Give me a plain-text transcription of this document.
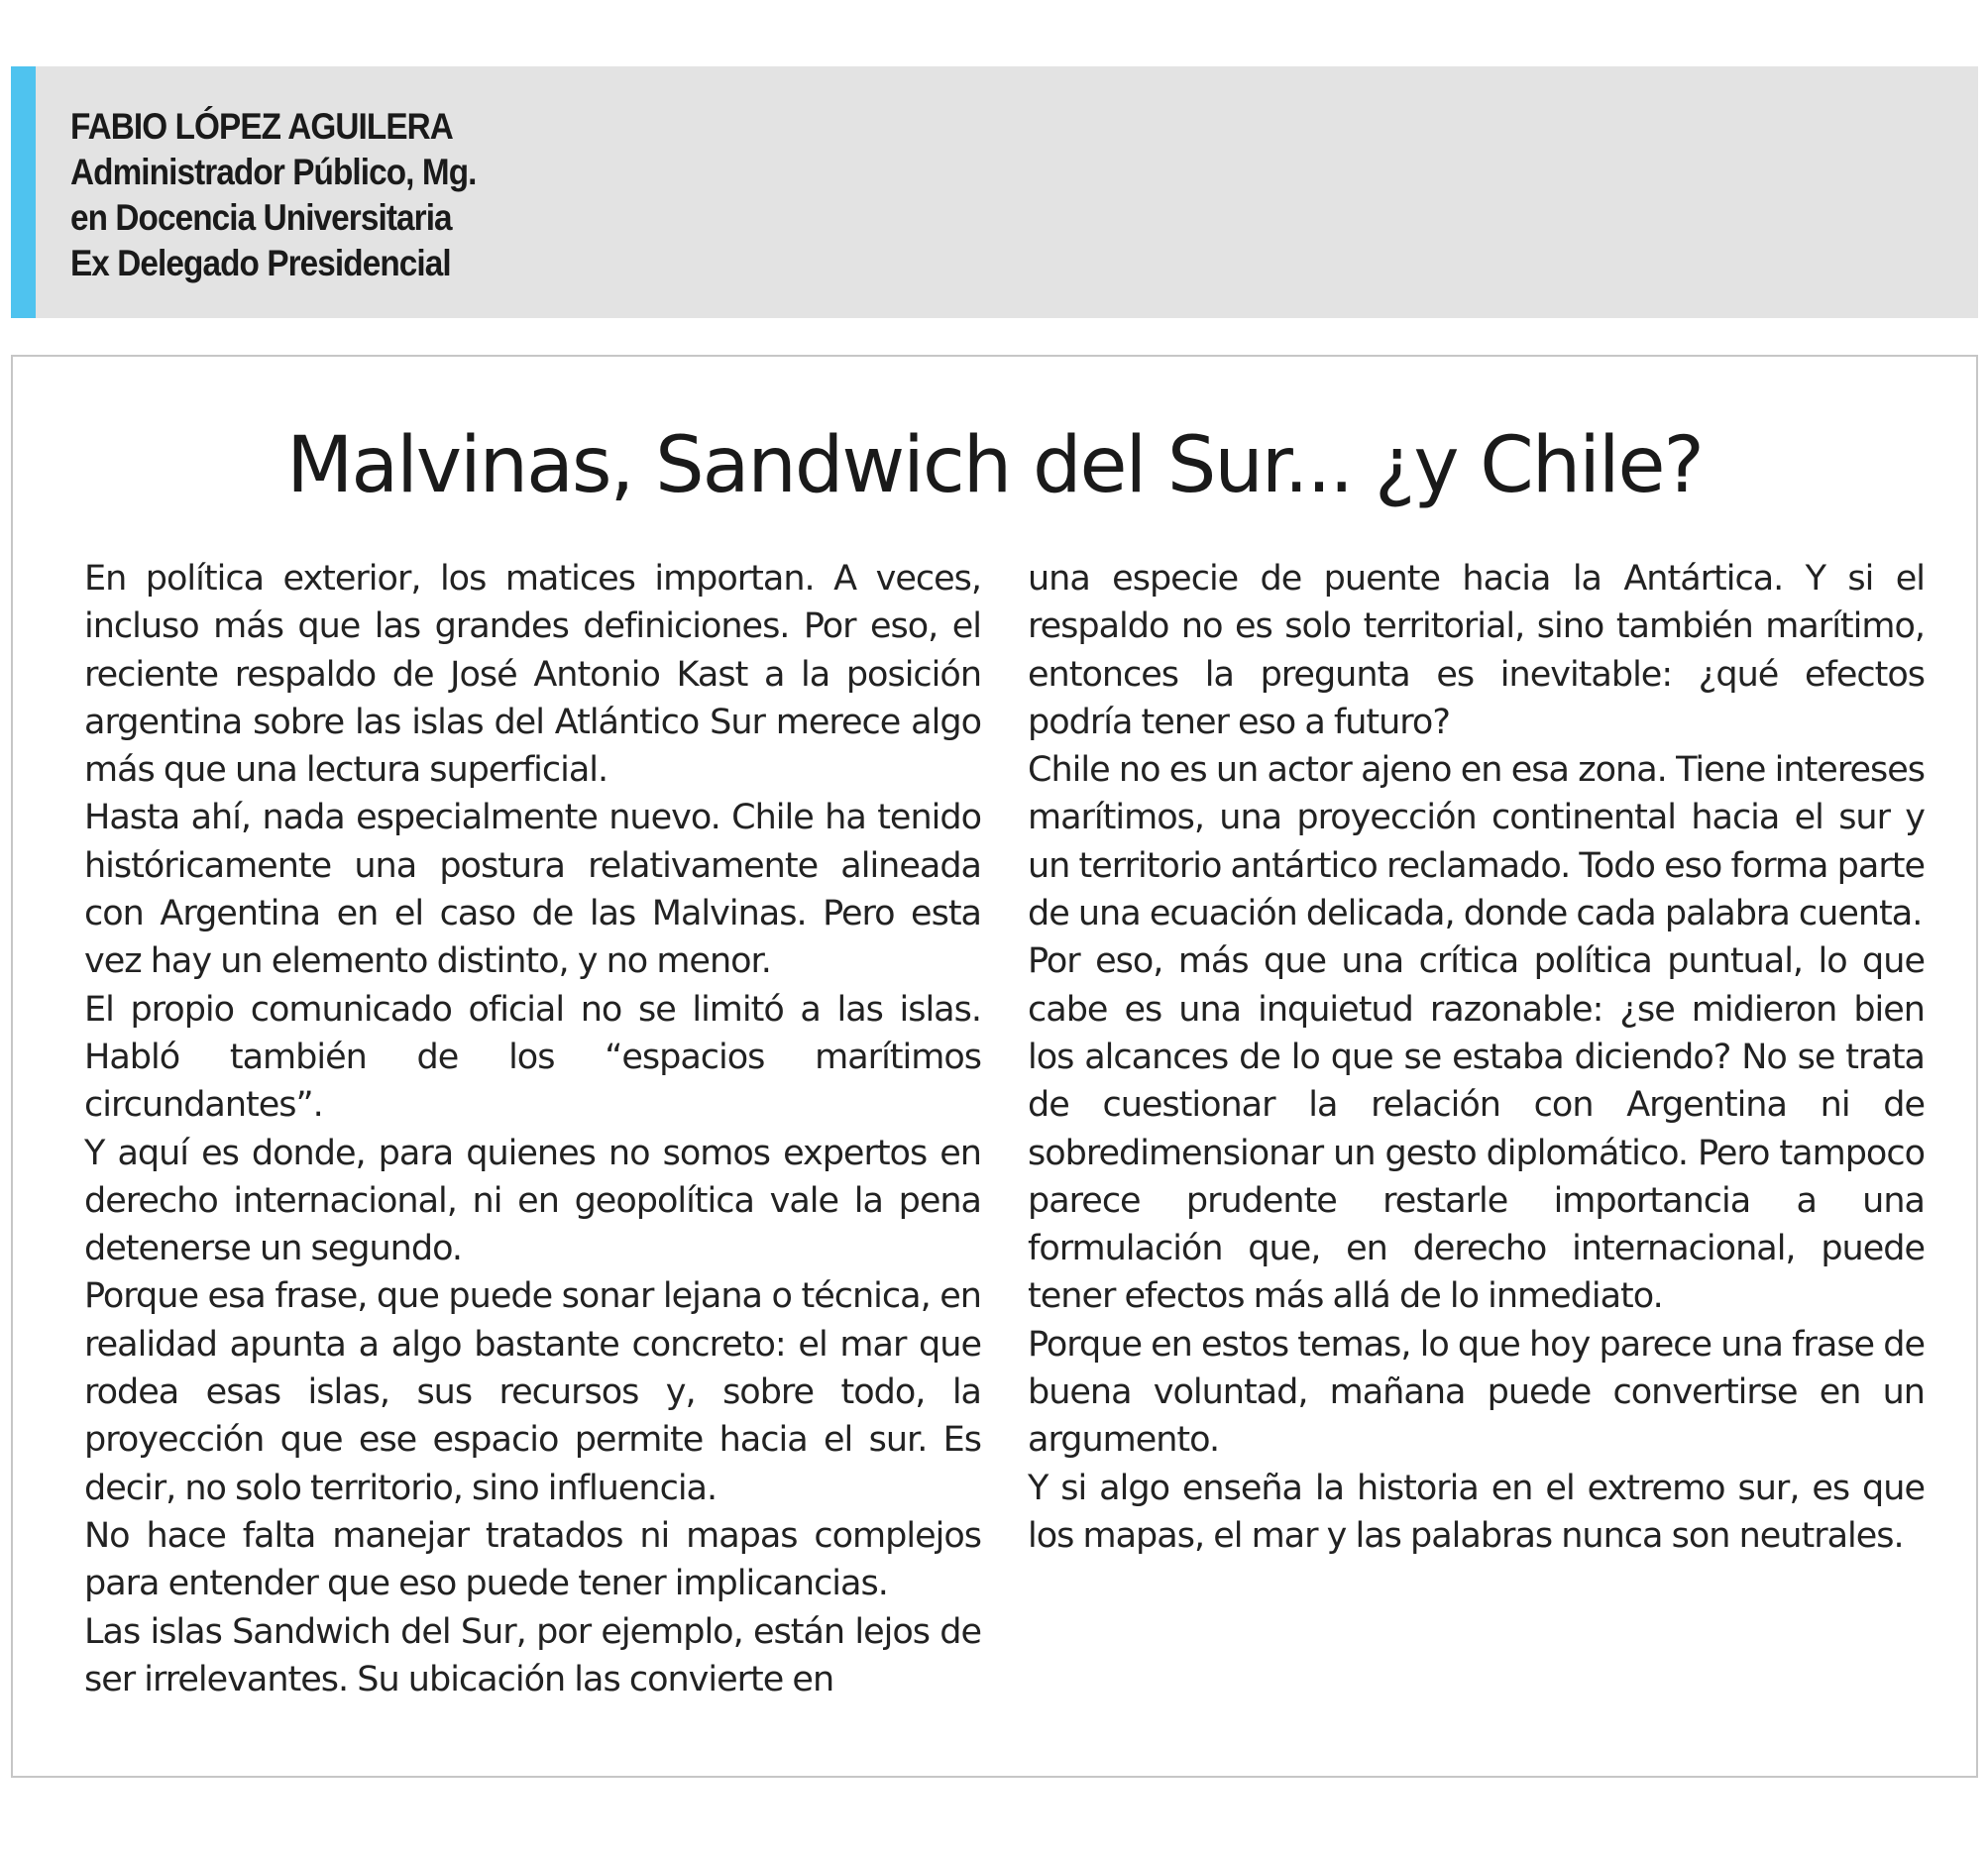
FABIO LÓPEZ AGUILERA
Administrador Público, Mg.
en Docencia Universitaria
Ex Delegado Presidencial
Malvinas, Sandwich del Sur... ¿y Chile?

En política exterior, los matices importan. A veces, incluso más que las grandes definiciones. Por eso, el reciente respaldo de José Antonio Kast a la posición argentina sobre las islas del Atlántico Sur merece algo más que una lectura superficial.

Hasta ahí, nada especialmente nuevo. Chile ha tenido históricamente una postura relativamente alineada con Argentina en el caso de las Malvinas. Pero esta vez hay un elemento distinto, y no menor.

El propio comunicado oficial no se limitó a las islas. Habló también de los “espacios marítimos circundantes”.

Y aquí es donde, para quienes no somos expertos en derecho internacional, ni en geopolítica vale la pena detenerse un segundo.

Porque esa frase, que puede sonar lejana o técnica, en realidad apunta a algo bastante concreto: el mar que rodea esas islas, sus recursos y, sobre todo, la proyección que ese espacio permite hacia el sur. Es decir, no solo territorio, sino influencia.

No hace falta manejar tratados ni mapas complejos para entender que eso puede tener implicancias.

Las islas Sandwich del Sur, por ejemplo, están lejos de ser irrelevantes. Su ubicación las convierte en

una especie de puente hacia la Antártica. Y si el respaldo no es solo territorial, sino también marítimo, entonces la pregunta es inevitable: ¿qué efectos podría tener eso a futuro?

Chile no es un actor ajeno en esa zona. Tiene intereses marítimos, una proyección continental hacia el sur y un territorio antártico reclamado. Todo eso forma parte de una ecuación delicada, donde cada palabra cuenta.

Por eso, más que una crítica política puntual, lo que cabe es una inquietud razonable: ¿se midieron bien los alcances de lo que se estaba diciendo? No se trata de cuestionar la relación con Argentina ni de sobredimensionar un gesto diplomático. Pero tampoco parece prudente restarle importancia a una formulación que, en derecho internacional, puede tener efectos más allá de lo inmediato.

Porque en estos temas, lo que hoy parece una frase de buena voluntad, mañana puede convertirse en un argumento.

Y si algo enseña la historia en el extremo sur, es que los mapas, el mar y las palabras nunca son neutrales.
